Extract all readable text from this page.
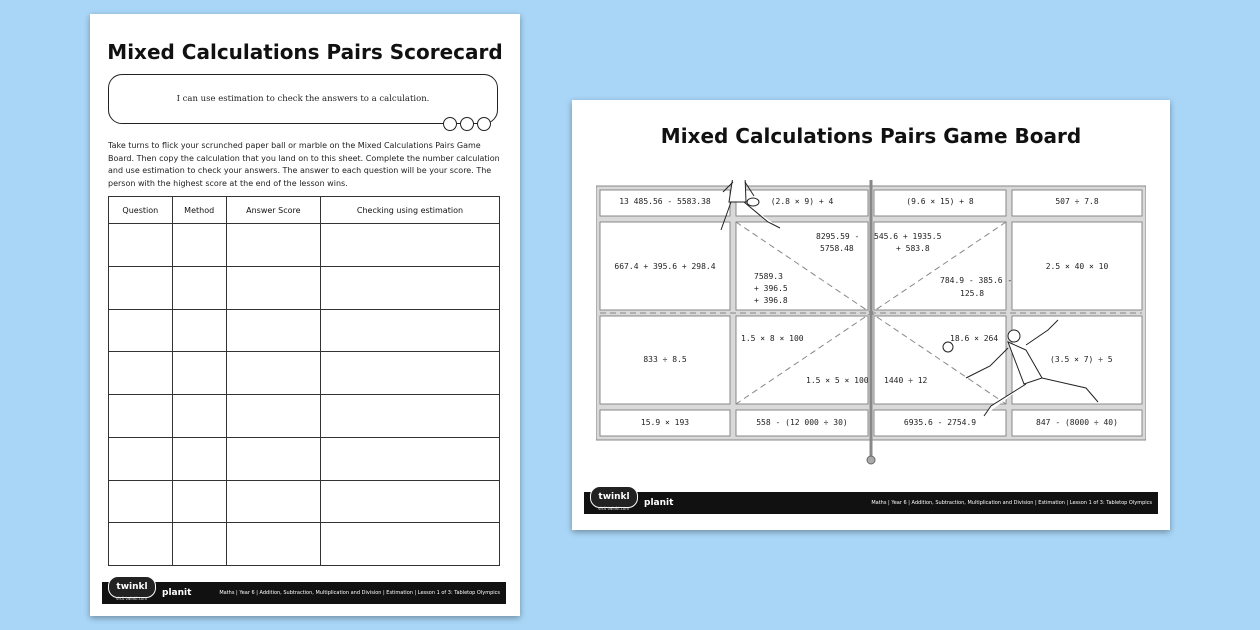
Mixed Calculations Pairs Scorecard
I can use estimation to check the answers to a calculation.
Take turns to flick your scrunched paper ball or marble on the Mixed Calculations Pairs Game Board. Then copy the calculation that you land on to this sheet. Complete the number calculation and use estimation to check your answers. The answer to each question will be your score. The person with the highest score at the end of the lesson wins.
Question	Method	Answer Score	Checking using estimation

twinkl
visit twinkl.com
planit	Maths | Year 6 | Addition, Subtraction, Multiplication and Division | Estimation | Lesson 1 of 3: Tabletop Olympics
Mixed Calculations Pairs Game Board
13 485.56 - 5583.38	(2.8 × 9) + 4	(9.6 × 15) + 8	507 ÷ 7.8
667.4 + 395.6 + 298.4
8295.59 -
5758.48
545.6 + 1935.5
+ 583.8
2.5 × 40 × 10
7589.3
+ 396.5
+ 396.8
784.9 - 385.6 -
125.8
833 ÷ 8.5
1.5 × 8 × 100	18.6 × 264
(3.5 × 7) ÷ 5
1.5 × 5 × 100 1440 ÷ 12
15.9 × 193	558 - (12 000 ÷ 30)	6935.6 - 2754.9	847 - (8000 ÷ 40)
twinkl
visit twinkl.com
planit	Maths | Year 6 | Addition, Subtraction, Multiplication and Division | Estimation | Lesson 1 of 3: Tabletop Olympics
